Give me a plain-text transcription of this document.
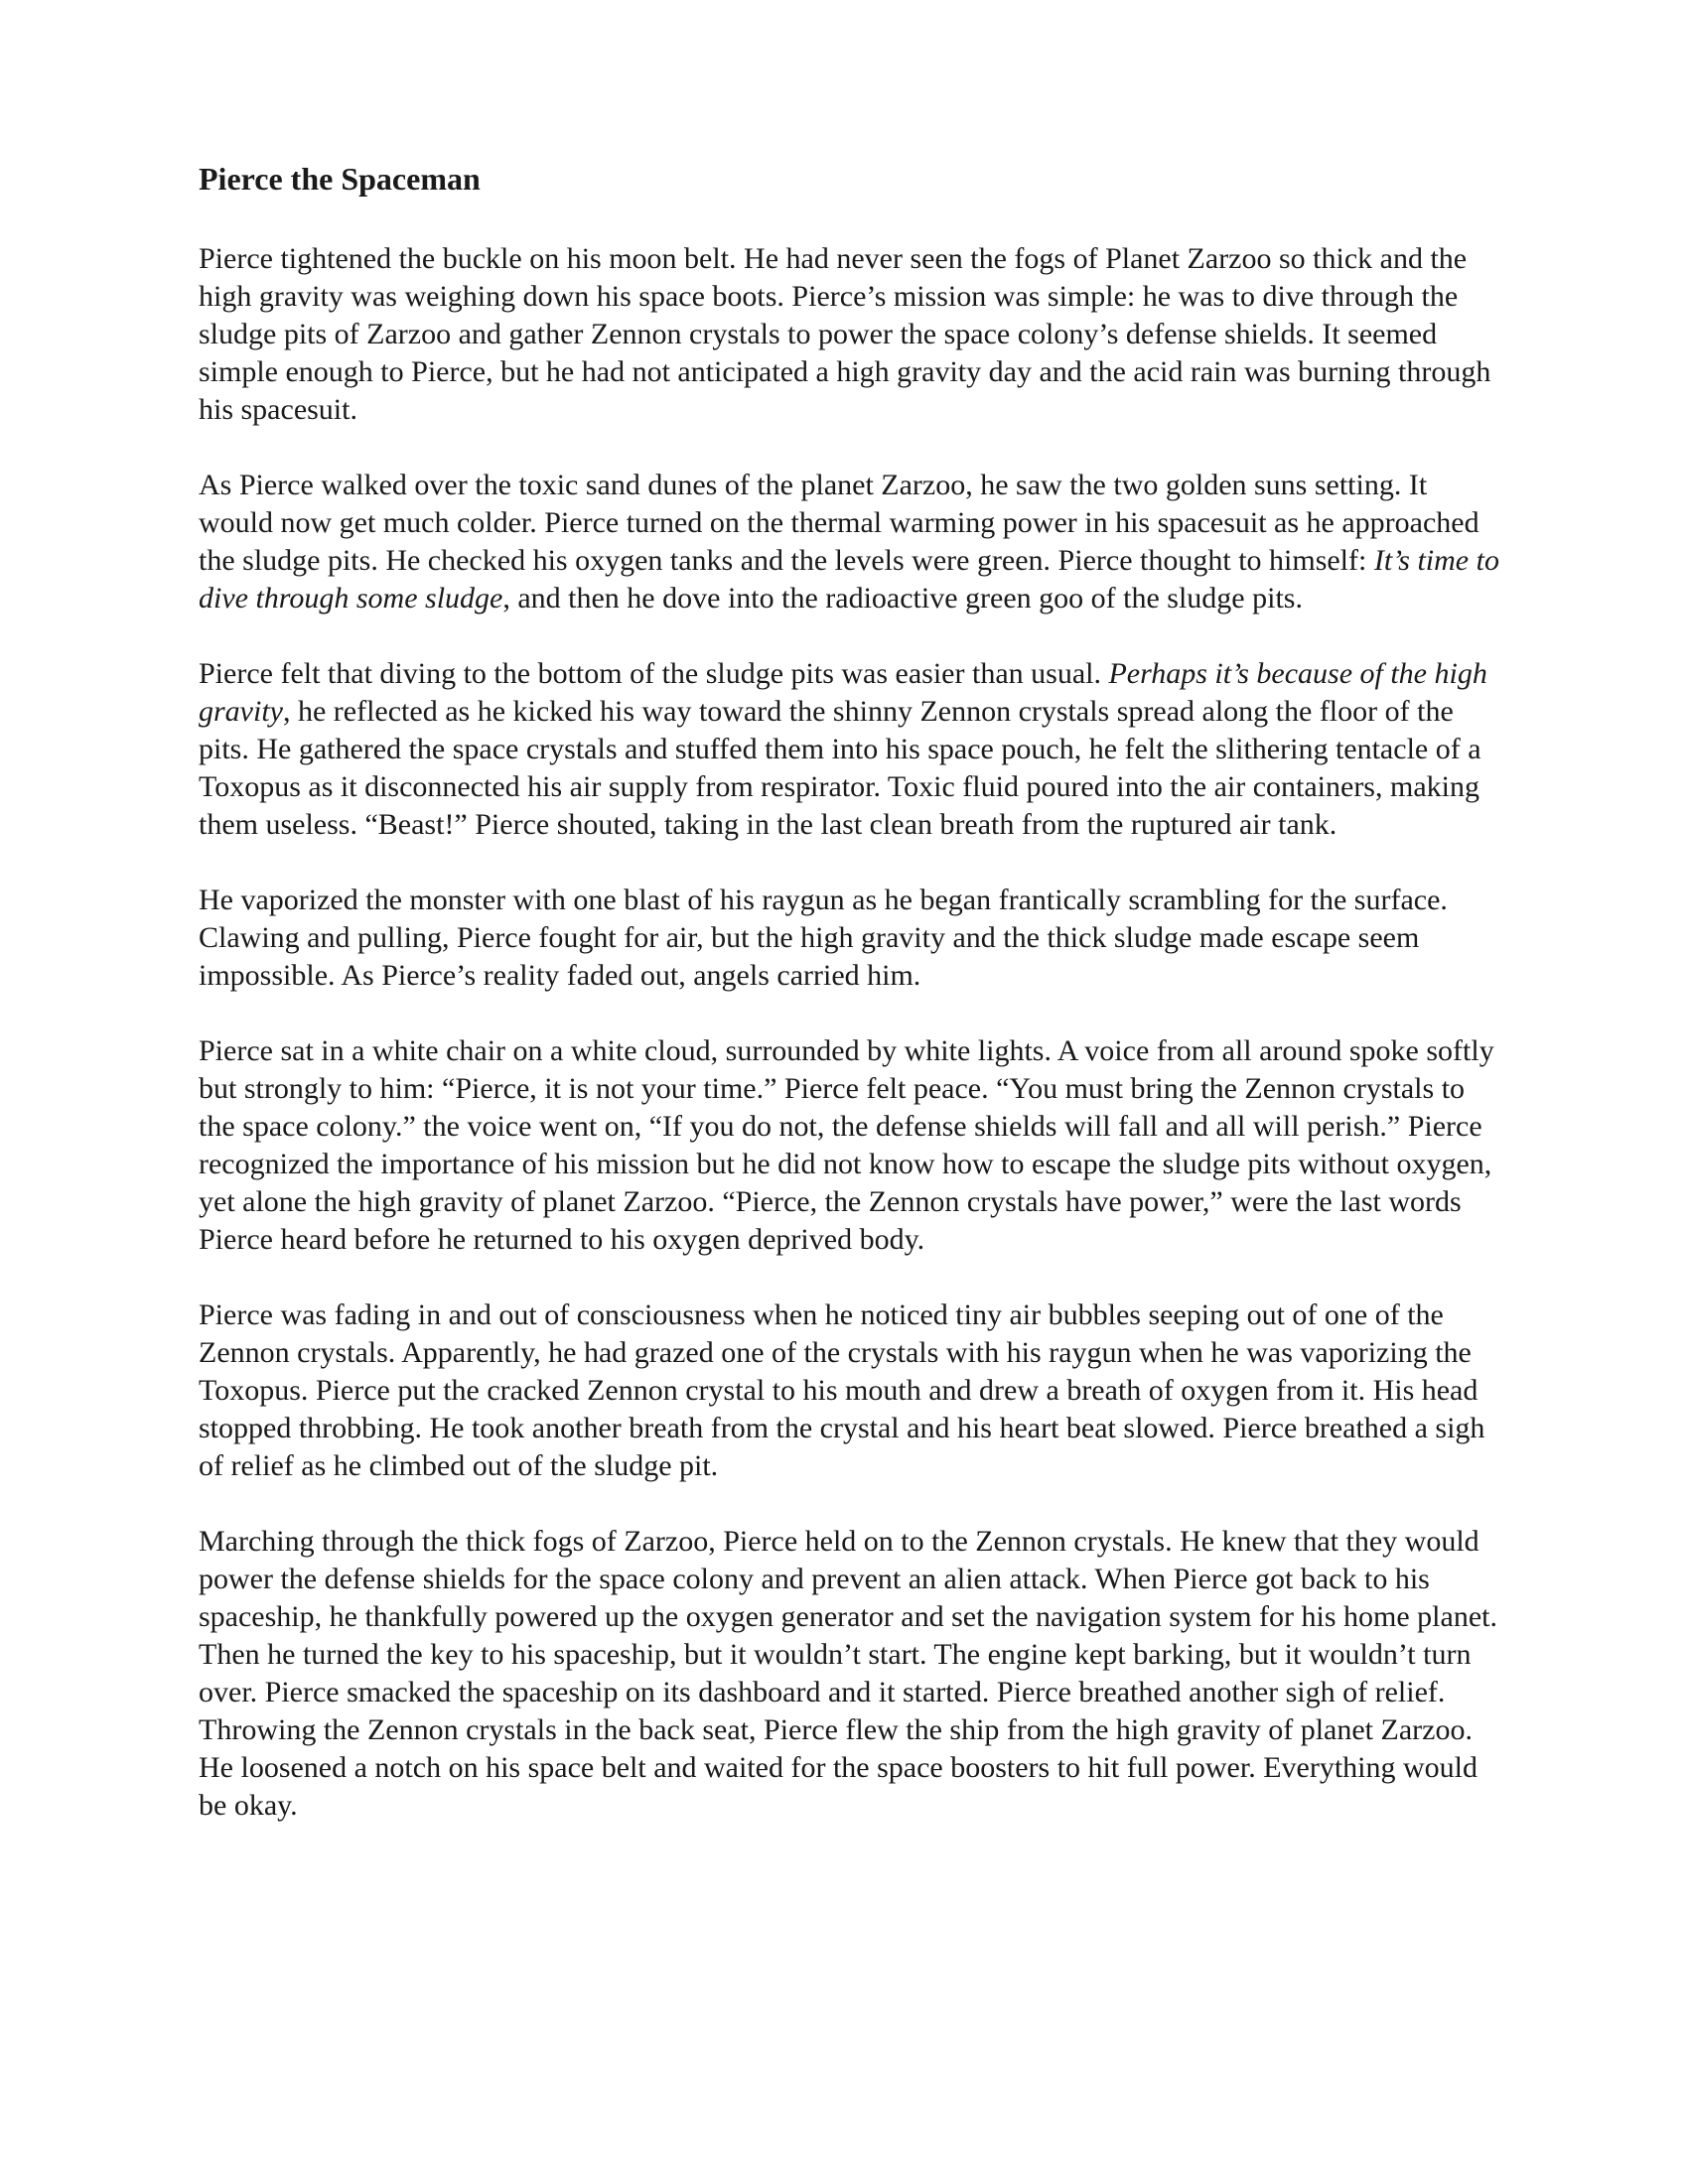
Pierce the Spaceman

Pierce tightened the buckle on his moon belt. He had never seen the fogs of Planet Zarzoo so thick and the high gravity was weighing down his space boots. Pierce’s mission was simple: he was to dive through the sludge pits of Zarzoo and gather Zennon crystals to power the space colony’s defense shields. It seemed simple enough to Pierce, but he had not anticipated a high gravity day and the acid rain was burning through his spacesuit.

As Pierce walked over the toxic sand dunes of the planet Zarzoo, he saw the two golden suns setting. It would now get much colder. Pierce turned on the thermal warming power in his spacesuit as he approached the sludge pits. He checked his oxygen tanks and the levels were green. Pierce thought to himself: It’s time to dive through some sludge, and then he dove into the radioactive green goo of the sludge pits.

Pierce felt that diving to the bottom of the sludge pits was easier than usual. Perhaps it’s because of the high gravity, he reflected as he kicked his way toward the shinny Zennon crystals spread along the floor of the pits. He gathered the space crystals and stuffed them into his space pouch, he felt the slithering tentacle of a Toxopus as it disconnected his air supply from respirator. Toxic fluid poured into the air containers, making them useless. “Beast!” Pierce shouted, taking in the last clean breath from the ruptured air tank.

He vaporized the monster with one blast of his raygun as he began frantically scrambling for the surface. Clawing and pulling, Pierce fought for air, but the high gravity and the thick sludge made escape seem impossible. As Pierce’s reality faded out, angels carried him.

Pierce sat in a white chair on a white cloud, surrounded by white lights. A voice from all around spoke softly but strongly to him: “Pierce, it is not your time.” Pierce felt peace. “You must bring the Zennon crystals to the space colony.” the voice went on, “If you do not, the defense shields will fall and all will perish.” Pierce recognized the importance of his mission but he did not know how to escape the sludge pits without oxygen, yet alone the high gravity of planet Zarzoo. “Pierce, the Zennon crystals have power,” were the last words Pierce heard before he returned to his oxygen deprived body.

Pierce was fading in and out of consciousness when he noticed tiny air bubbles seeping out of one of the Zennon crystals. Apparently, he had grazed one of the crystals with his raygun when he was vaporizing the Toxopus. Pierce put the cracked Zennon crystal to his mouth and drew a breath of oxygen from it. His head stopped throbbing. He took another breath from the crystal and his heart beat slowed. Pierce breathed a sigh of relief as he climbed out of the sludge pit.

Marching through the thick fogs of Zarzoo, Pierce held on to the Zennon crystals. He knew that they would power the defense shields for the space colony and prevent an alien attack. When Pierce got back to his spaceship, he thankfully powered up the oxygen generator and set the navigation system for his home planet. Then he turned the key to his spaceship, but it wouldn’t start. The engine kept barking, but it wouldn’t turn over. Pierce smacked the spaceship on its dashboard and it started. Pierce breathed another sigh of relief. Throwing the Zennon crystals in the back seat, Pierce flew the ship from the high gravity of planet Zarzoo. He loosened a notch on his space belt and waited for the space boosters to hit full power. Everything would be okay.
